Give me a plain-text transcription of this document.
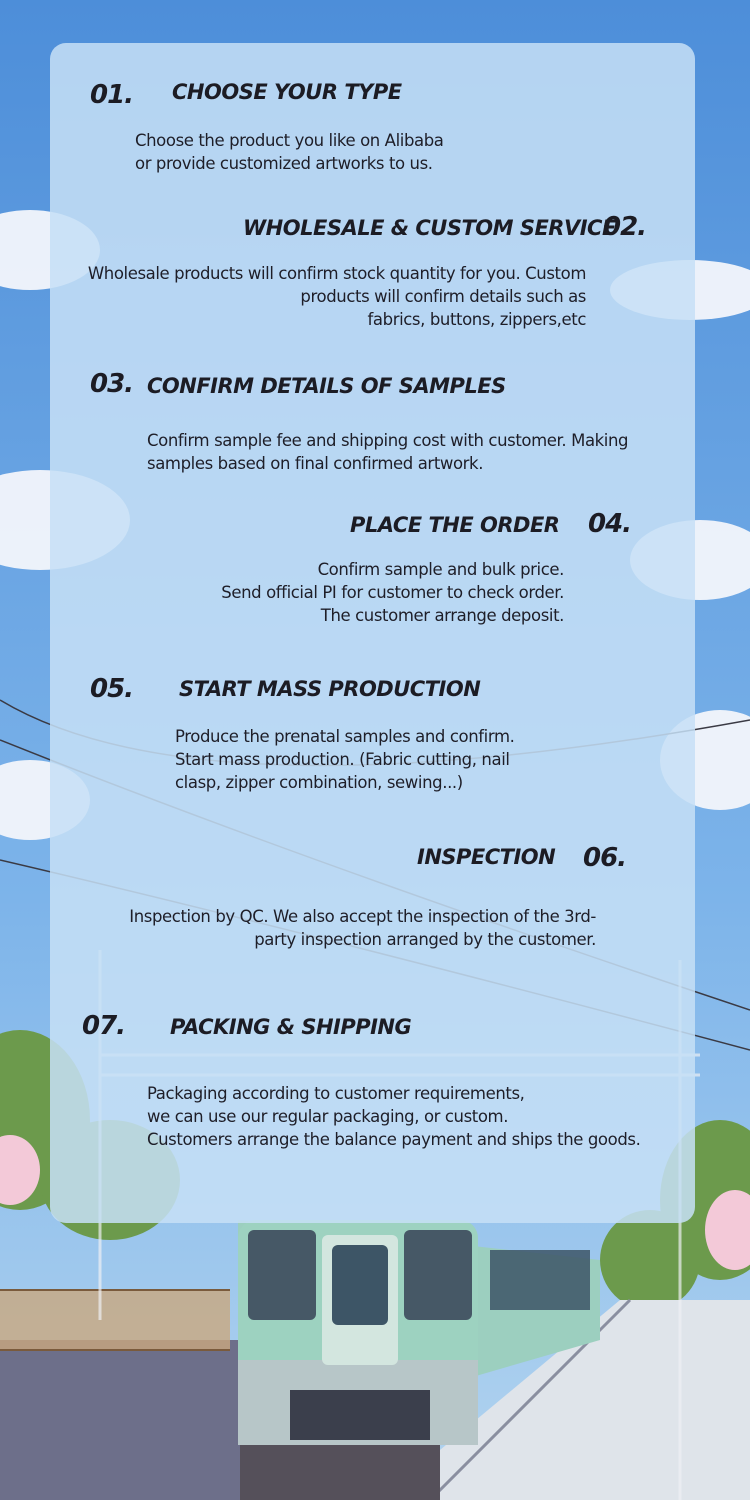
01. CHOOSE YOUR TYPE
Choose the product you like on Alibaba
or provide customized artworks to us.
WHOLESALE & CUSTOM SERVICE
02.
Wholesale products will confirm stock quantity for you. Custom
products will confirm details such as
fabrics, buttons, zippers,etc
03. CONFIRM DETAILS OF SAMPLES
Confirm sample fee and shipping cost with customer. Making
samples based on final confirmed artwork.
PLACE THE ORDER 04.
Confirm sample and bulk price.
Send official PI for customer to check order.
The customer arrange deposit.
05. START MASS PRODUCTION
Produce the prenatal samples and confirm.
Start mass production. (Fabric cutting, nail
clasp, zipper combination, sewing...)
INSPECTION 06.
Inspection by QC. We also accept the inspection of the 3rd-
party inspection arranged by the customer.
07. PACKING & SHIPPING
Packaging according to customer requirements,
we can use our regular packaging, or custom.
Customers arrange the balance payment and ships the goods.
